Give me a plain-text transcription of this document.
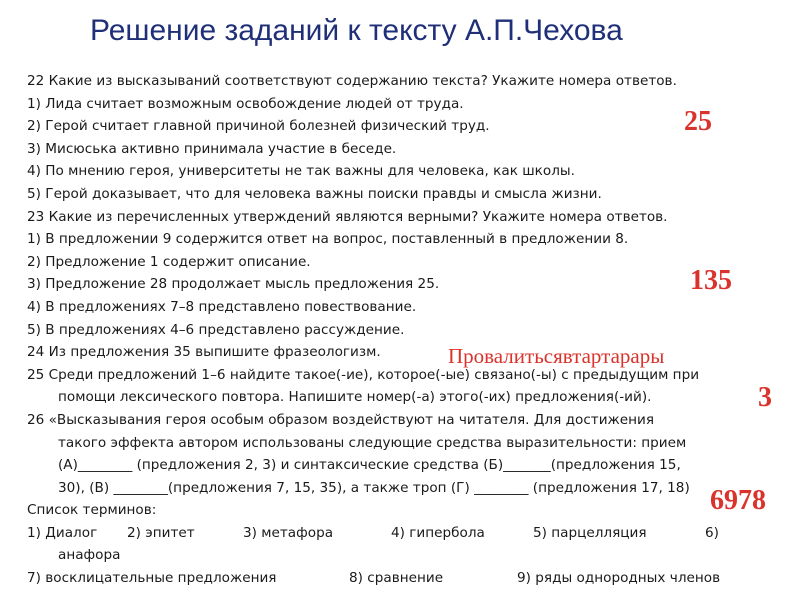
Решение заданий к тексту А.П.Чехова
22 Какие из высказываний соответствуют содержанию текста? Укажите номера ответов.
1) Лида считает возможным освобождение людей от труда.
2) Герой считает главной причиной болезней физический труд.
3) Мисюська активно принимала участие в беседе.
4) По мнению героя, университеты не так важны для человека, как школы.
5) Герой доказывает, что для человека важны поиски правды и смысла жизни.
23 Какие из перечисленных утверждений являются верными? Укажите номера ответов.
1) В предложении 9 содержится ответ на вопрос, поставленный в предложении 8.
2) Предложение 1 содержит описание.
3) Предложение 28 продолжает мысль предложения 25.
4) В предложениях 7–8 представлено повествование.
5) В предложениях 4–6 представлено рассуждение.
24 Из предложения 35 выпишите фразеологизм.
25 Среди предложений 1–6 найдите такое(-ие), которое(-ые) связано(-ы) с предыдущим при
помощи лексического повтора. Напишите номер(-а) этого(-их) предложения(-ий).
26 «Высказывания героя особым образом воздействуют на читателя. Для достижения
такого эффекта автором использованы следующие средства выразительности: прием
(А)________ (предложения 2, 3) и синтаксические средства (Б)_______(предложения 15,
30), (В) ________(предложения 7, 15, 35), а также троп (Г) ________ (предложения 17, 18)
Список терминов:
1) Диалог 2) эпитет	3) метафора	4) гипербола	5) парцелляция	6)
анафора
7) восклицательные предложения	8) сравнение	9) ряды однородных членов
25
135
Провалитьсявтартарары
3
6978
